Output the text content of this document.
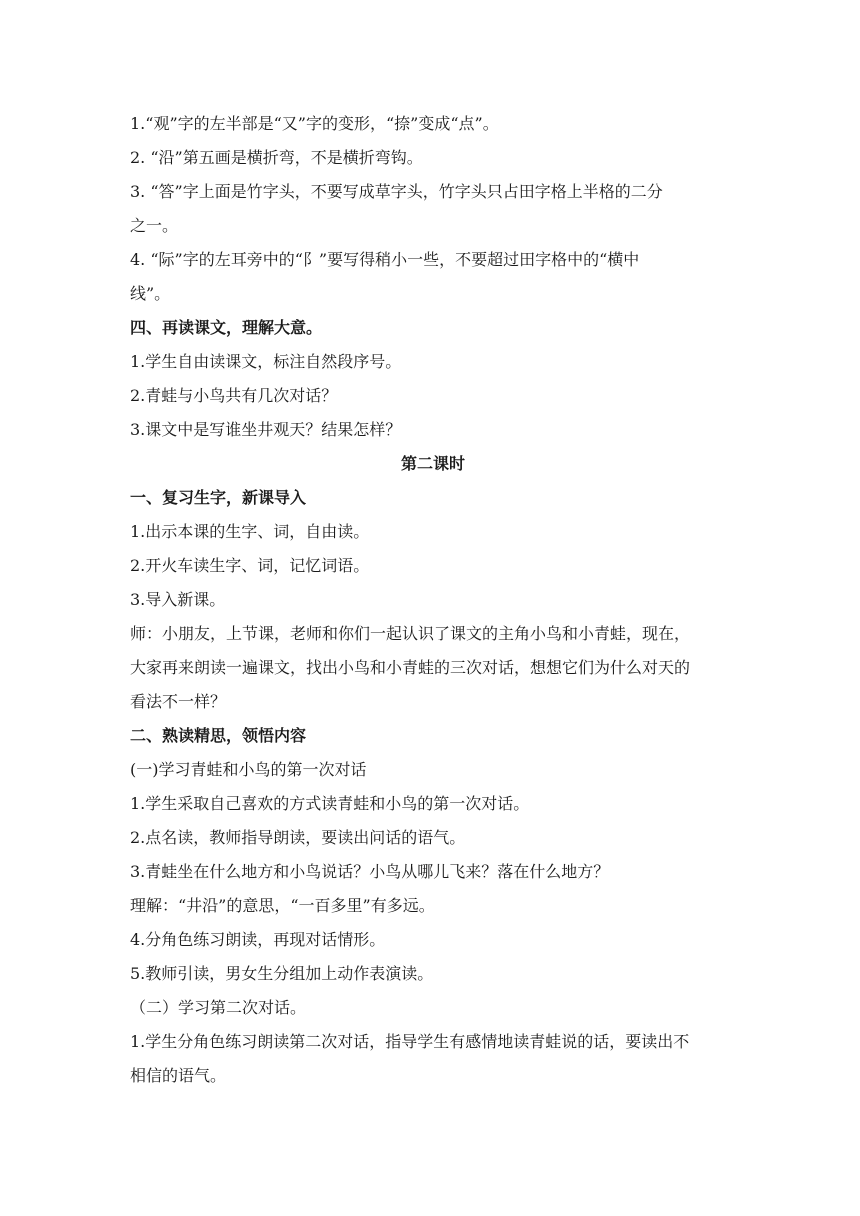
1.“观”字的左半部是“又”字的变形，“捺”变成“点”。
2. “沿”第五画是横折弯，不是横折弯钩。
3. “答”字上面是竹字头，不要写成草字头，竹字头只占田字格上半格的二分
之一。
4. “际”字的左耳旁中的“阝”要写得稍小一些，不要超过田字格中的“横中
线”。
四、再读课文，理解大意。
1.学生自由读课文，标注自然段序号。
2.青蛙与小鸟共有几次对话？
3.课文中是写谁坐井观天？结果怎样？
第二课时
一、复习生字，新课导入
1.出示本课的生字、词，自由读。
2.开火车读生字、词，记忆词语。
3.导入新课。
师：小朋友，上节课，老师和你们一起认识了课文的主角小鸟和小青蛙，现在，
大家再来朗读一遍课文，找出小鸟和小青蛙的三次对话，想想它们为什么对天的
看法不一样？
二、熟读精思，领悟内容
(一)学习青蛙和小鸟的第一次对话
1.学生采取自己喜欢的方式读青蛙和小鸟的第一次对话。
2.点名读，教师指导朗读，要读出问话的语气。
3.青蛙坐在什么地方和小鸟说话？小鸟从哪儿飞来？落在什么地方？
理解：“井沿”的意思，“一百多里”有多远。
4.分角色练习朗读，再现对话情形。
5.教师引读，男女生分组加上动作表演读。
（二）学习第二次对话。
1.学生分角色练习朗读第二次对话，指导学生有感情地读青蛙说的话，要读出不
相信的语气。
